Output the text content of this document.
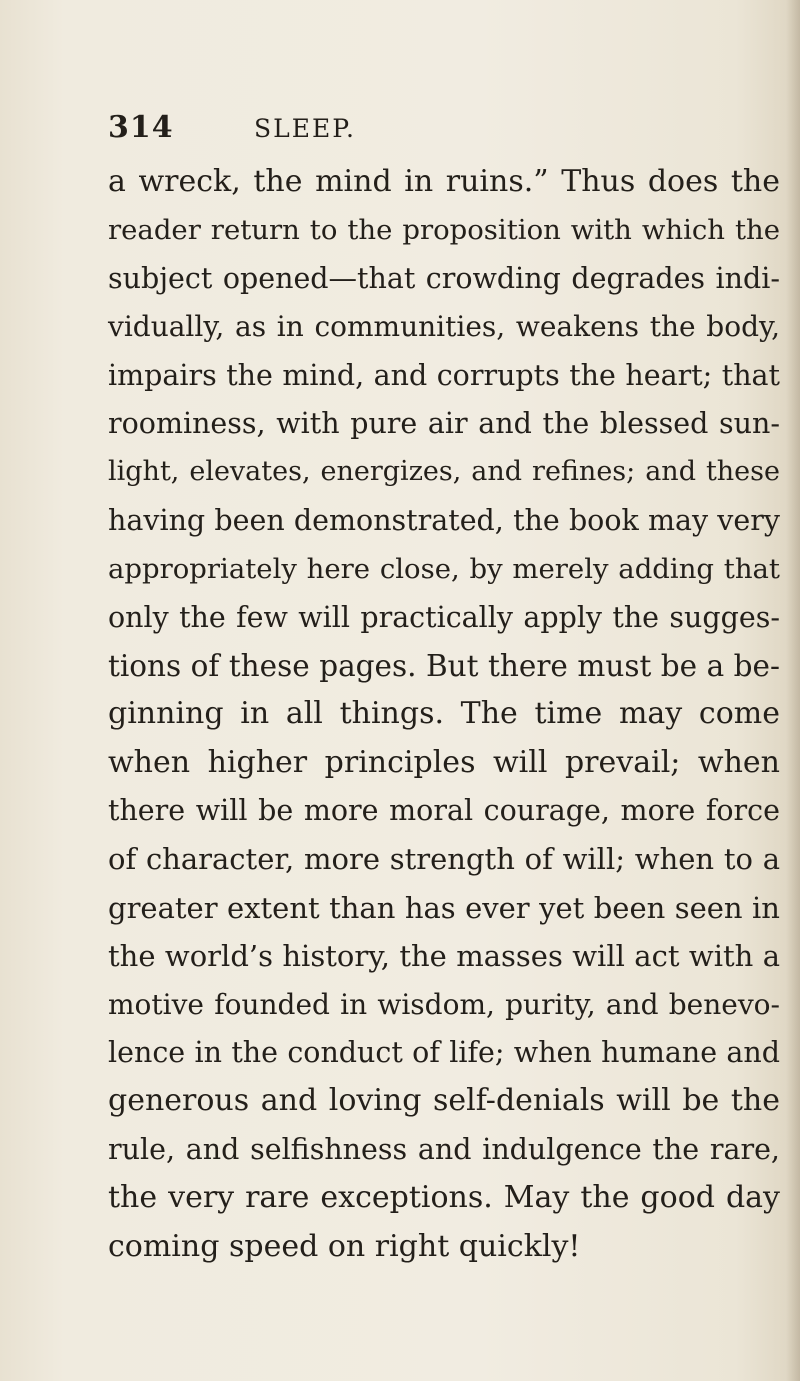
314	SLEEP.
a wreck, the mind in ruins.” Thus does the
reader return to the proposition with which the
subject opened—that crowding degrades indi-
vidually, as in communities, weakens the body,
impairs the mind, and corrupts the heart; that
roominess, with pure air and the blessed sun-
light, elevates, energizes, and refines; and these
having been demonstrated, the book may very
appropriately here close, by merely adding that
only the few will practically apply the sugges-
tions of these pages. But there must be a be-
ginning in all things. The time may come
when higher principles will prevail; when
there will be more moral courage, more force
of character, more strength of will; when to a
greater extent than has ever yet been seen in
the world’s history, the masses will act with a
motive founded in wisdom, purity, and benevo-
lence in the conduct of life; when humane and
generous and loving self-denials will be the
rule, and selfishness and indulgence the rare,
the very rare exceptions. May the good day
coming speed on right quickly!
